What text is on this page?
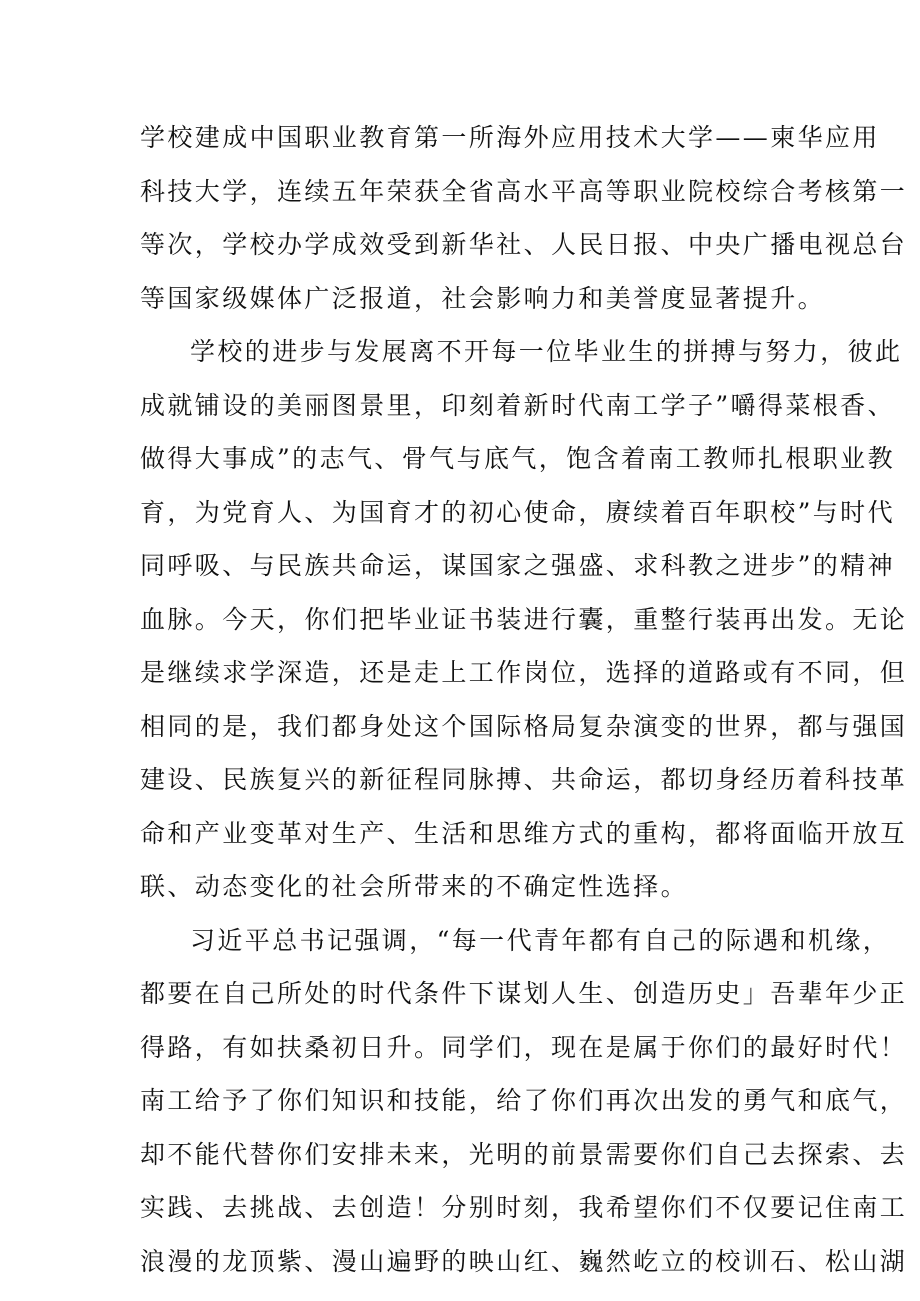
学校建成中国职业教育第一所海外应用技术大学——柬华应用
科技大学，连续五年荣获全省高水平高等职业院校综合考核第一
等次，学校办学成效受到新华社、人民日报、中央广播电视总台
等国家级媒体广泛报道，社会影响力和美誉度显著提升。
学校的进步与发展离不开每一位毕业生的拼搏与努力，彼此
成就铺设的美丽图景里，印刻着新时代南工学子”嚼得菜根香、
做得大事成”的志气、骨气与底气，饱含着南工教师扎根职业教
育，为党育人、为国育才的初心使命，赓续着百年职校”与时代
同呼吸、与民族共命运，谋国家之强盛、求科教之进步”的精神
血脉。今天，你们把毕业证书装进行囊，重整行装再出发。无论
是继续求学深造，还是走上工作岗位，选择的道路或有不同，但
相同的是，我们都身处这个国际格局复杂演变的世界，都与强国
建设、民族复兴的新征程同脉搏、共命运，都切身经历着科技革
命和产业变革对生产、生活和思维方式的重构，都将面临开放互
联、动态变化的社会所带来的不确定性选择。
习近平总书记强调，“每一代青年都有自己的际遇和机缘，
都要在自己所处的时代条件下谋划人生、创造历史」吾辈年少正
得路，有如扶桑初日升。同学们，现在是属于你们的最好时代！
南工给予了你们知识和技能，给了你们再次出发的勇气和底气，
却不能代替你们安排未来，光明的前景需要你们自己去探索、去
实践、去挑战、去创造！分别时刻，我希望你们不仅要记住南工
浪漫的龙顶紫、漫山遍野的映山红、巍然屹立的校训石、松山湖
